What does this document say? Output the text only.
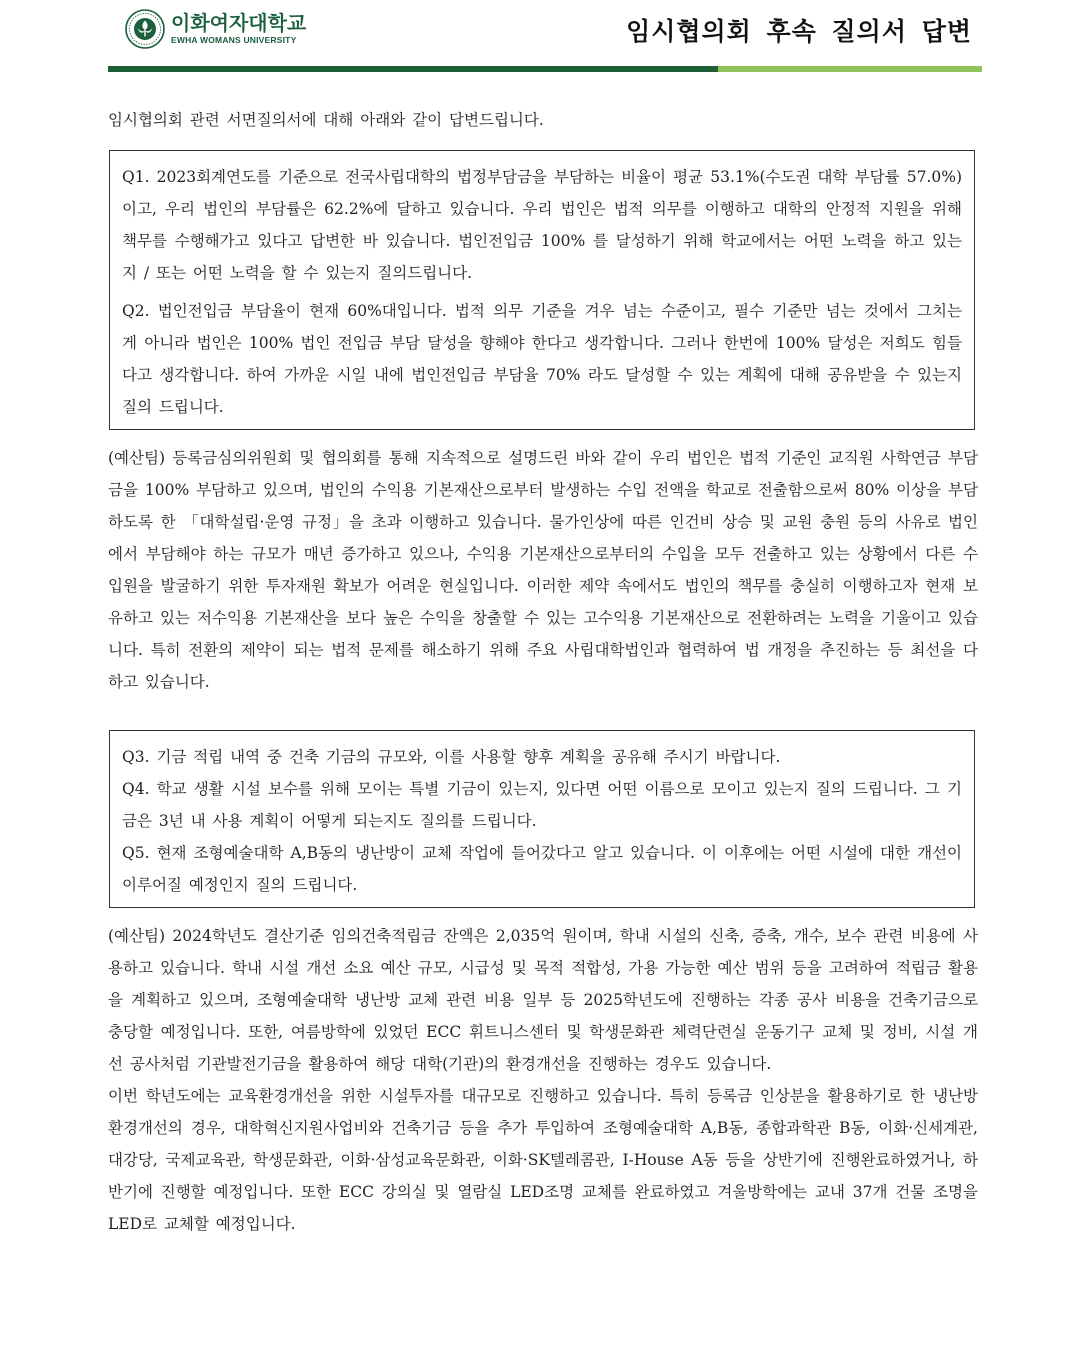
이화여자대학교
EWHA WOMANS UNIVERSITY	임시협의회 후속 질의서 답변

임시협의회 관련 서면질의서에 대해 아래와 같이 답변드립니다.

Q1. 2023회계연도를 기준으로 전국사립대학의 법정부담금을 부담하는 비율이 평균 53.1%(수도권 대학 부담률 57.0%)이고, 우리 법인의 부담률은 62.2%에 달하고 있습니다. 우리 법인은 법적 의무를 이행하고 대학의 안정적 지원을 위해 책무를 수행해가고 있다고 답변한 바 있습니다. 법인전입금 100% 를 달성하기 위해 학교에서는 어떤 노력을 하고 있는지 / 또는 어떤 노력을 할 수 있는지 질의드립니다.

Q2. 법인전입금 부담율이 현재 60%대입니다. 법적 의무 기준을 겨우 넘는 수준이고, 필수 기준만 넘는 것에서 그치는 게 아니라 법인은 100% 법인 전입금 부담 달성을 향해야 한다고 생각합니다. 그러나 한번에 100% 달성은 저희도 힘들다고 생각합니다. 하여 가까운 시일 내에 법인전입금 부담율 70% 라도 달성할 수 있는 계획에 대해 공유받을 수 있는지 질의 드립니다.

(예산팀) 등록금심의위원회 및 협의회를 통해 지속적으로 설명드린 바와 같이 우리 법인은 법적 기준인 교직원 사학연금 부담금을 100% 부담하고 있으며, 법인의 수익용 기본재산으로부터 발생하는 수입 전액을 학교로 전출함으로써 80% 이상을 부담하도록 한 「대학설립·운영 규정」을 초과 이행하고 있습니다. 물가인상에 따른 인건비 상승 및 교원 충원 등의 사유로 법인에서 부담해야 하는 규모가 매년 증가하고 있으나, 수익용 기본재산으로부터의 수입을 모두 전출하고 있는 상황에서 다른 수입원을 발굴하기 위한 투자재원 확보가 어려운 현실입니다. 이러한 제약 속에서도 법인의 책무를 충실히 이행하고자 현재 보유하고 있는 저수익용 기본재산을 보다 높은 수익을 창출할 수 있는 고수익용 기본재산으로 전환하려는 노력을 기울이고 있습니다. 특히 전환의 제약이 되는 법적 문제를 해소하기 위해 주요 사립대학법인과 협력하여 법 개정을 추진하는 등 최선을 다하고 있습니다.

Q3. 기금 적립 내역 중 건축 기금의 규모와, 이를 사용할 향후 계획을 공유해 주시기 바랍니다.

Q4. 학교 생활 시설 보수를 위해 모이는 특별 기금이 있는지, 있다면 어떤 이름으로 모이고 있는지 질의 드립니다. 그 기금은 3년 내 사용 계획이 어떻게 되는지도 질의를 드립니다.

Q5. 현재 조형예술대학 A,B동의 냉난방이 교체 작업에 들어갔다고 알고 있습니다. 이 이후에는 어떤 시설에 대한 개선이 이루어질 예정인지 질의 드립니다.

(예산팀) 2024학년도 결산기준 임의건축적립금 잔액은 2,035억 원이며, 학내 시설의 신축, 증축, 개수, 보수 관련 비용에 사용하고 있습니다. 학내 시설 개선 소요 예산 규모, 시급성 및 목적 적합성, 가용 가능한 예산 범위 등을 고려하여 적립금 활용을 계획하고 있으며, 조형예술대학 냉난방 교체 관련 비용 일부 등 2025학년도에 진행하는 각종 공사 비용을 건축기금으로 충당할 예정입니다. 또한, 여름방학에 있었던 ECC 휘트니스센터 및 학생문화관 체력단련실 운동기구 교체 및 정비, 시설 개선 공사처럼 기관발전기금을 활용하여 해당 대학(기관)의 환경개선을 진행하는 경우도 있습니다.

이번 학년도에는 교육환경개선을 위한 시설투자를 대규모로 진행하고 있습니다. 특히 등록금 인상분을 활용하기로 한 냉난방 환경개선의 경우, 대학혁신지원사업비와 건축기금 등을 추가 투입하여 조형예술대학 A,B동, 종합과학관 B동, 이화·신세계관, 대강당, 국제교육관, 학생문화관, 이화·삼성교육문화관, 이화·SK텔레콤관, I-House A동 등을 상반기에 진행완료하였거나, 하반기에 진행할 예정입니다. 또한 ECC 강의실 및 열람실 LED조명 교체를 완료하였고 겨울방학에는 교내 37개 건물 조명을 LED로 교체할 예정입니다.
